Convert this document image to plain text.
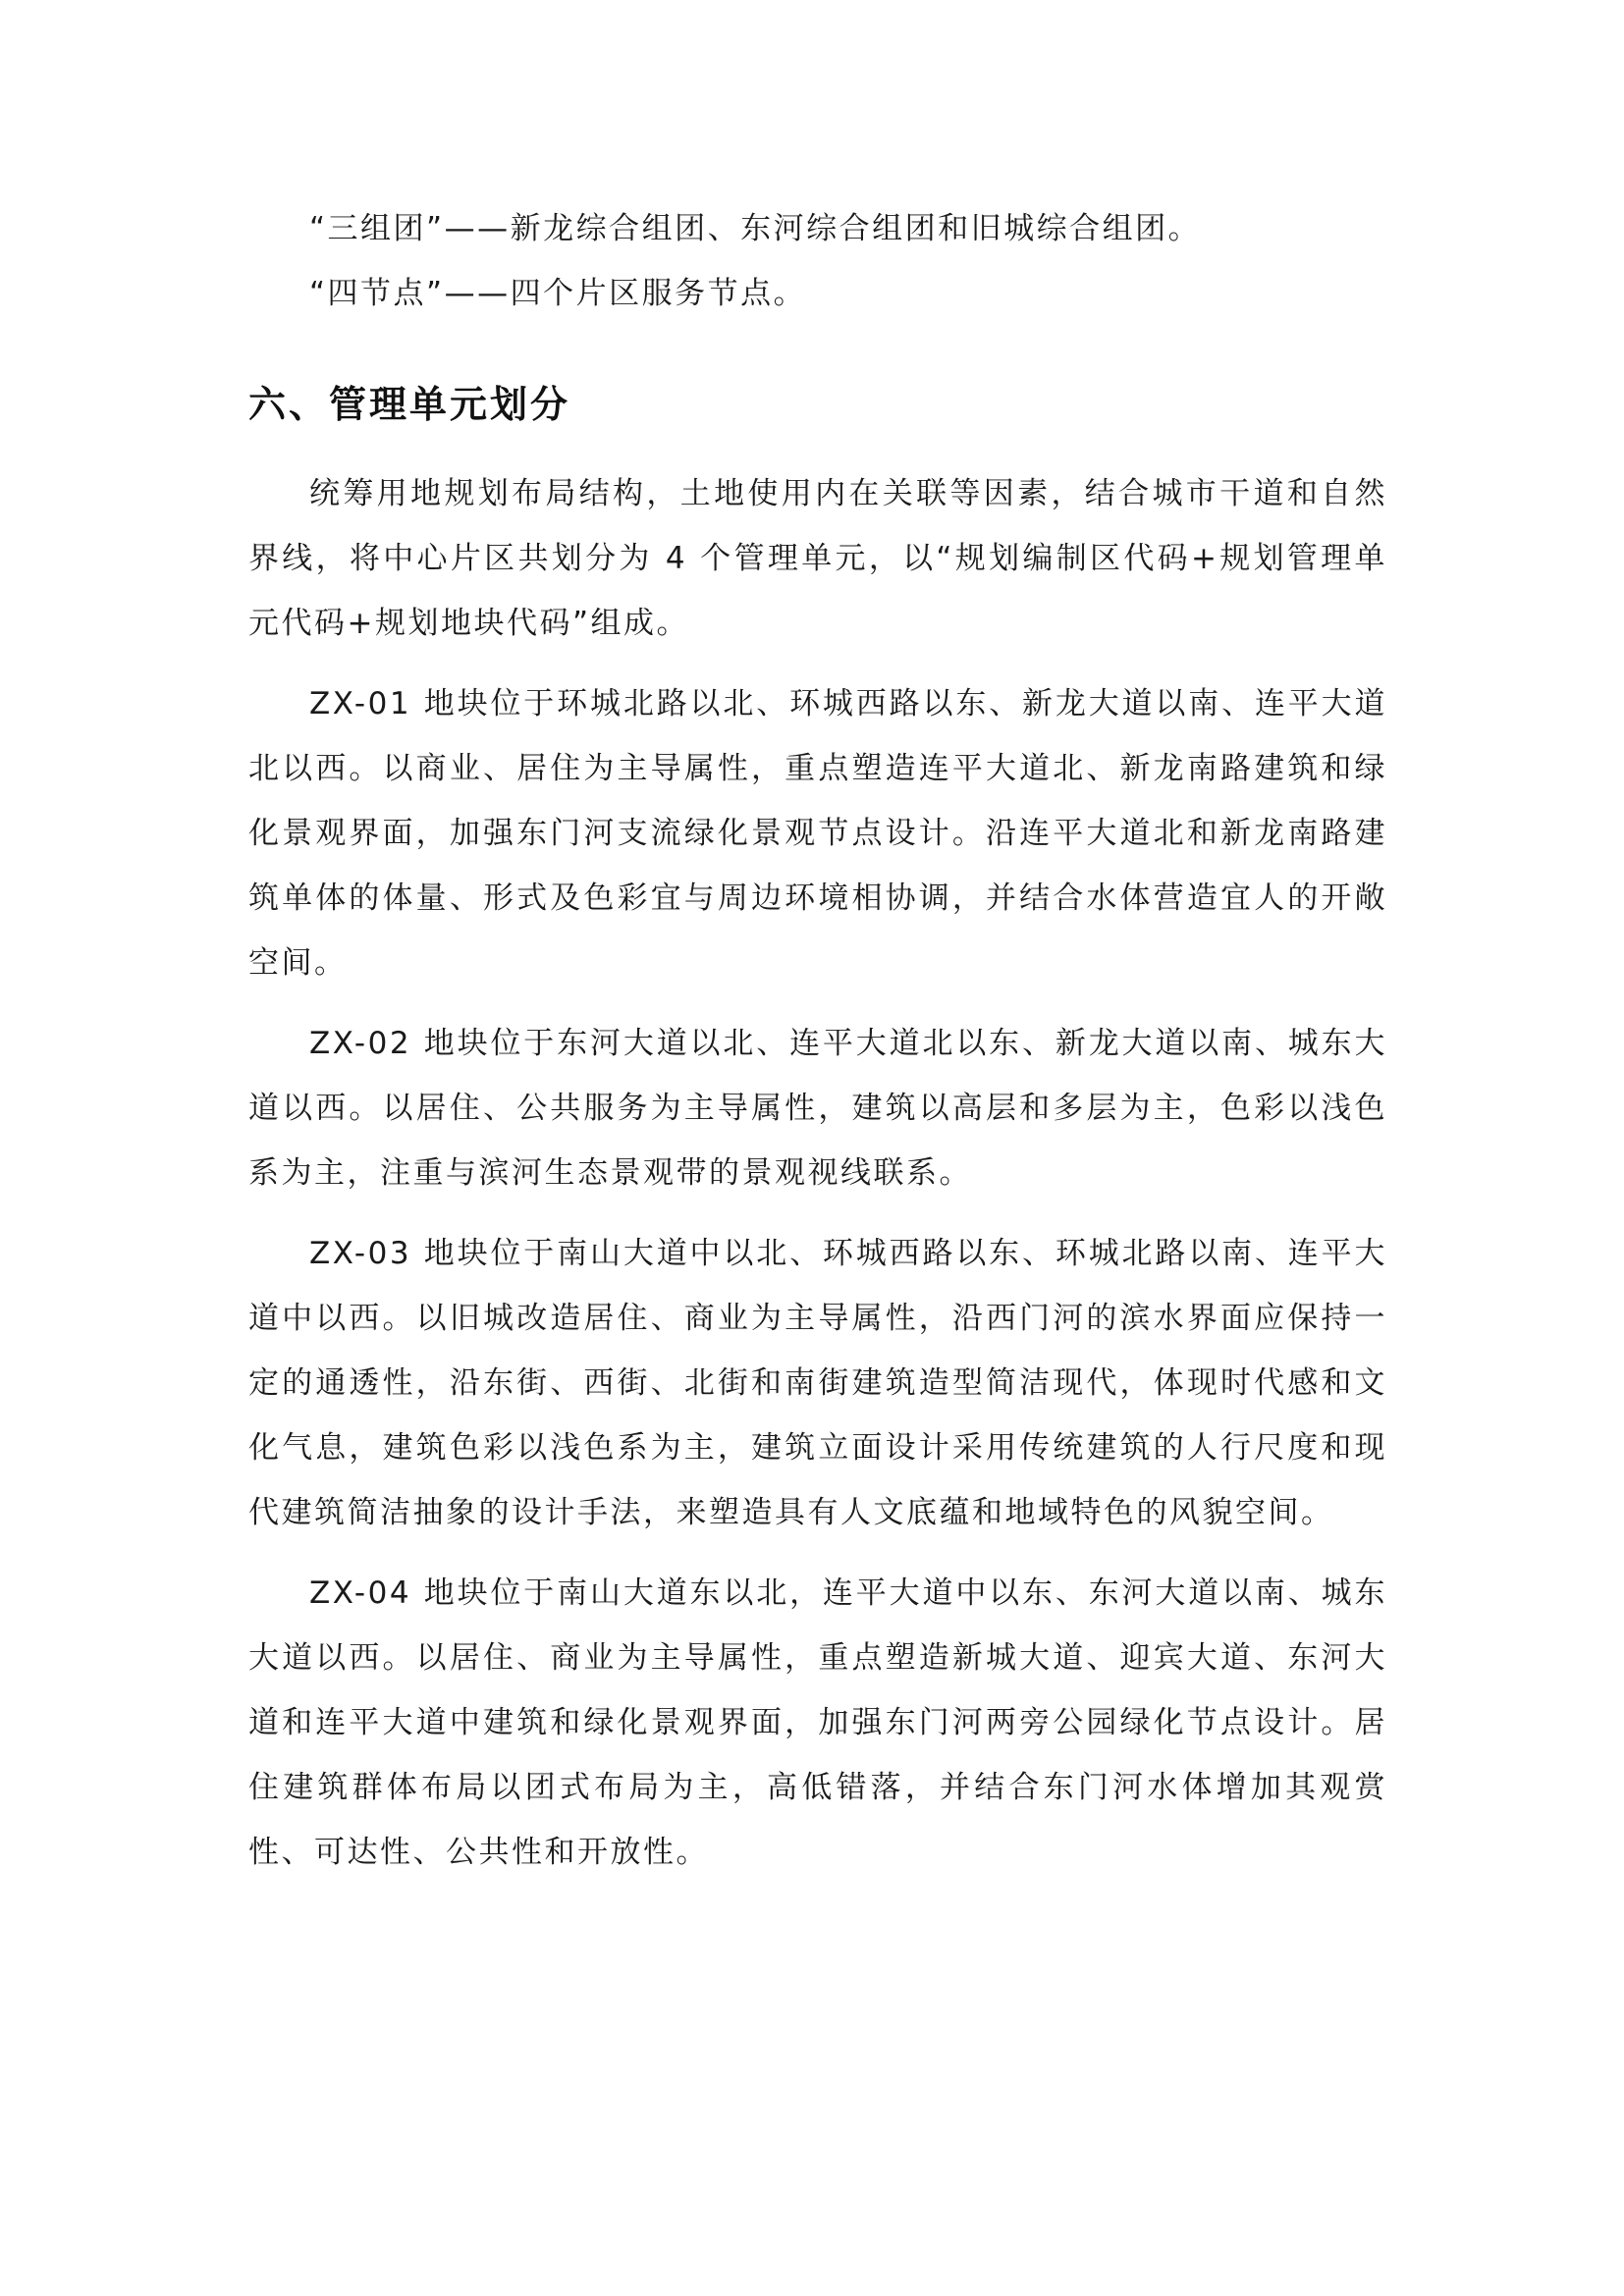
“三组团”——新龙综合组团、东河综合组团和旧城综合组团。

“四节点”——四个片区服务节点。

六、管理单元划分

统筹用地规划布局结构，土地使用内在关联等因素，结合城市干道和自然界线，将中心片区共划分为 4 个管理单元，以“规划编制区代码+规划管理单元代码+规划地块代码”组成。

ZX-01 地块位于环城北路以北、环城西路以东、新龙大道以南、连平大道北以西。以商业、居住为主导属性，重点塑造连平大道北、新龙南路建筑和绿化景观界面，加强东门河支流绿化景观节点设计。沿连平大道北和新龙南路建筑单体的体量、形式及色彩宜与周边环境相协调，并结合水体营造宜人的开敞空间。

ZX-02 地块位于东河大道以北、连平大道北以东、新龙大道以南、城东大道以西。以居住、公共服务为主导属性，建筑以高层和多层为主，色彩以浅色系为主，注重与滨河生态景观带的景观视线联系。

ZX-03 地块位于南山大道中以北、环城西路以东、环城北路以南、连平大道中以西。以旧城改造居住、商业为主导属性，沿西门河的滨水界面应保持一定的通透性，沿东街、西街、北街和南街建筑造型简洁现代，体现时代感和文化气息，建筑色彩以浅色系为主，建筑立面设计采用传统建筑的人行尺度和现代建筑简洁抽象的设计手法，来塑造具有人文底蕴和地域特色的风貌空间。

ZX-04 地块位于南山大道东以北，连平大道中以东、东河大道以南、城东大道以西。以居住、商业为主导属性，重点塑造新城大道、迎宾大道、东河大道和连平大道中建筑和绿化景观界面，加强东门河两旁公园绿化节点设计。居住建筑群体布局以团式布局为主，高低错落，并结合东门河水体增加其观赏性、可达性、公共性和开放性。
